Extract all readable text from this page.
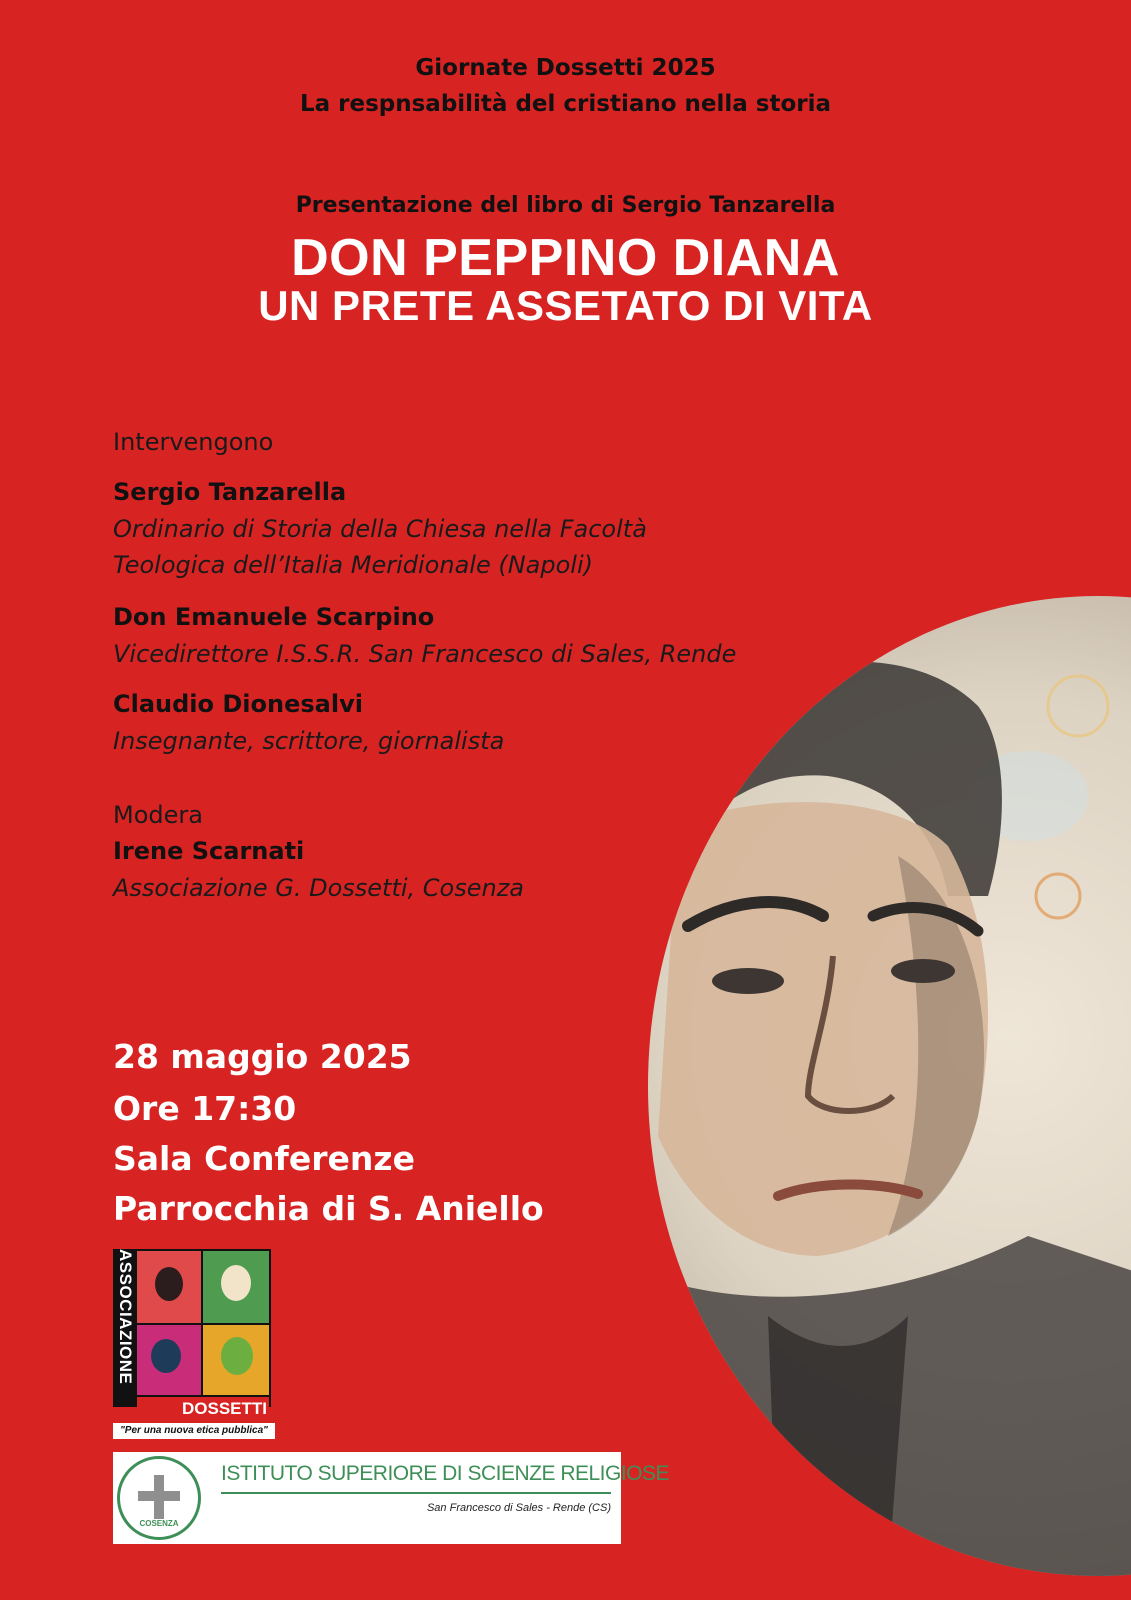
Giornate Dossetti 2025
La respnsabilità del cristiano nella storia
Presentazione del libro di Sergio Tanzarella
DON PEPPINO DIANA
UN PRETE ASSETATO DI VITA
Intervengono
Sergio Tanzarella
Ordinario di Storia della Chiesa nella Facoltà
Teologica dell’Italia Meridionale (Napoli)
Don Emanuele Scarpino
Vicedirettore I.S.S.R. San Francesco di Sales, Rende
Claudio Dionesalvi
Insegnante, scrittore, giornalista
Modera
Irene Scarnati
Associazione G. Dossetti, Cosenza
28 maggio 2025
Ore 17:30
Sala Conferenze
Parrocchia di S. Aniello
ASSOCIAZIONE
DOSSETTI
"Per una nuova etica pubblica"
COSENZA
ISTITUTO SUPERIORE DI SCIENZE RELIGIOSE
San Francesco di Sales - Rende (CS)
